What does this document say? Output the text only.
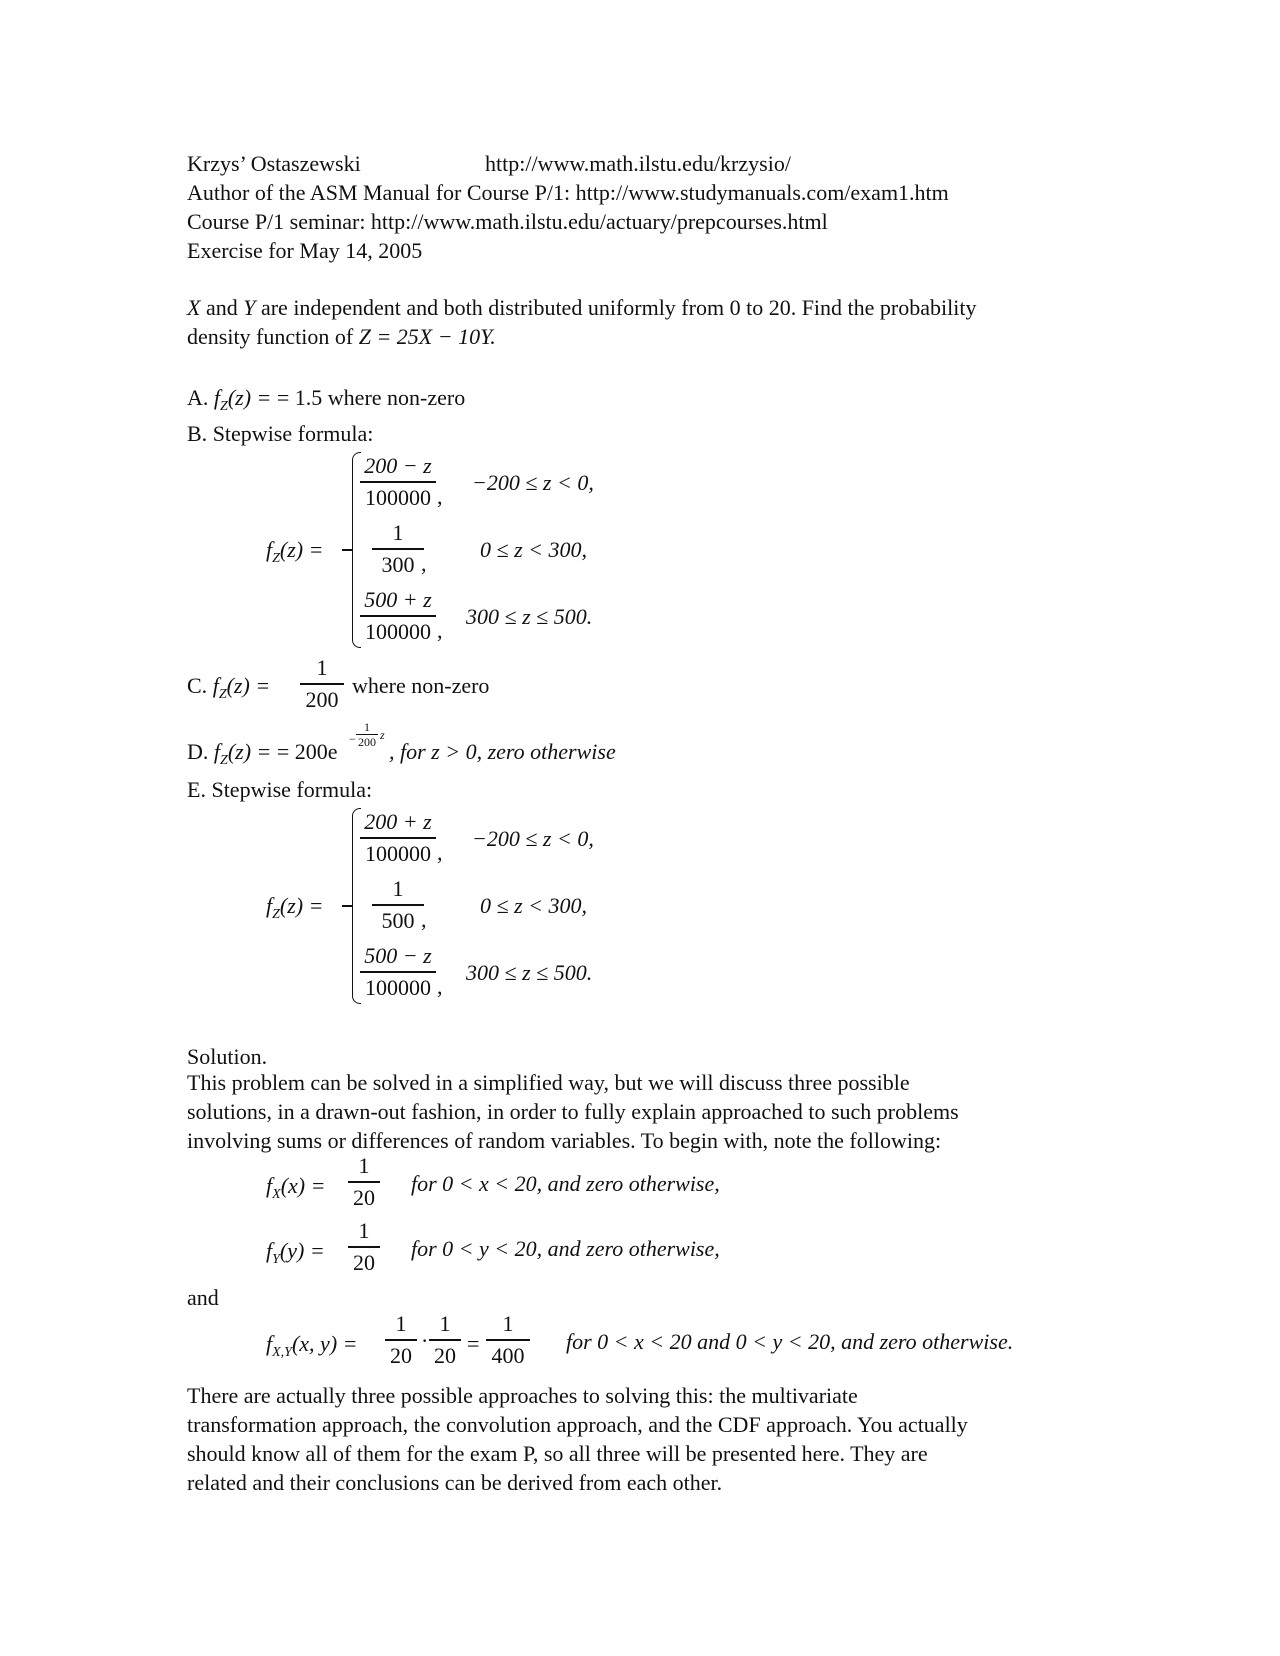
Krzys’ Ostaszewski	http://www.math.ilstu.edu/krzysio/
Author of the ASM Manual for Course P/1: http://www.studymanuals.com/exam1.htm
Course P/1 seminar: http://www.math.ilstu.edu/actuary/prepcourses.html
Exercise for May 14, 2005
X and Y are independent and both distributed uniformly from 0 to 20. Find the probability
density function of Z = 25X − 10Y.
A. $f_Z(z)$ = = 1.5 where non-zero
B. Stepwise formula:
$f_Z(z)$ =
200 − z
100000 ,
−200 ≤ z < 0,
1
300 ,
0 ≤ z < 300,
500 + z
100000 ,
300 ≤ z ≤ 500.
C. $f_Z(z)$ =
1
200
where non-zero
D. $f_Z(z)$ = = 200e −
1
200 z
, for z > 0, zero otherwise
E. Stepwise formula:
$f_Z(z)$ =
200 + z
100000 ,
−200 ≤ z < 0,
1
500 ,
0 ≤ z < 300,
500 − z
100000 ,
300 ≤ z ≤ 500.
Solution.
This problem can be solved in a simplified way, but we will discuss three possible
solutions, in a drawn-out fashion, in order to fully explain approached to such problems
involving sums or differences of random variables. To begin with, note the following:
$f_X(x)$ =
1
20
for 0 < x < 20, and zero otherwise,
$f_Y(y)$ =
1
20
for 0 < y < 20, and zero otherwise,
and
$f_{X,Y}(x$, y) =
1
20
·
1
20 =
1
400
for 0 < x < 20 and 0 < y < 20, and zero otherwise.
There are actually three possible approaches to solving this: the multivariate
transformation approach, the convolution approach, and the CDF approach. You actually
should know all of them for the exam P, so all three will be presented here. They are
related and their conclusions can be derived from each other.
